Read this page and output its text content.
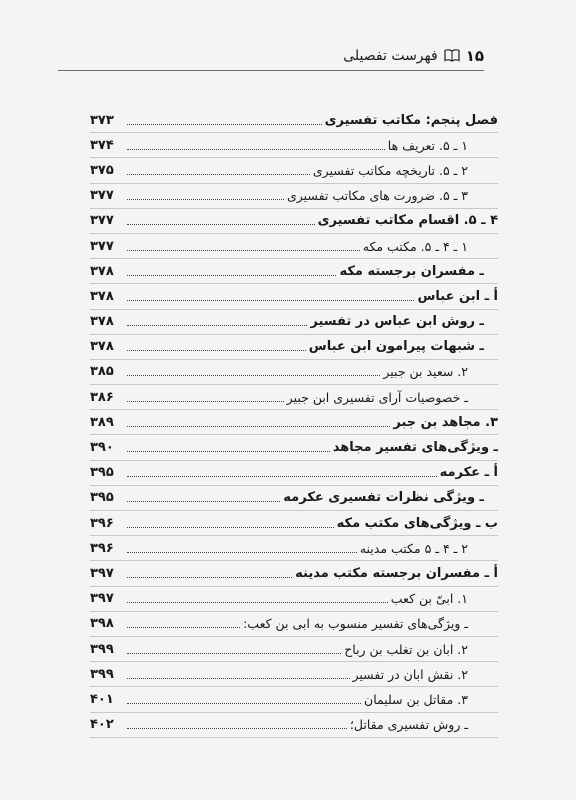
فهرست تفصیلی ۱۵
فصل پنجم: مکاتب تفسیری
۳۷۳
۱ ـ ۵. تعریف ها
۳۷۴
۲ ـ ۵. تاریخچه مکاتب تفسیری
۳۷۵
۳ ـ ۵. ضرورت های مکاتب تفسیری
۳۷۷
۴ ـ ۵. اقسام مکاتب تفسیری
۳۷۷
۱ ـ ۴ ـ ۵. مکتب مکه
۳۷۷
ـ مفسران برجسته مکه
۳۷۸
أ ـ ابن عباس
۳۷۸
ـ روش ابن عباس در تفسیر
۳۷۸
ـ شبهات پیرامون ابن عباس
۳۷۸
۲. سعید بن جبیر
۳۸۵
ـ خصوصیات آرای تفسیری ابن جبیر
۳۸۶
۳. مجاهد بن جبر
۳۸۹
ـ ویژگی‌های تفسیر مجاهد
۳۹۰
أ ـ عکرمه
۳۹۵
ـ ویژگی نظرات تفسیری عکرمه
۳۹۵
ب ـ ویژگی‌های مکتب مکه
۳۹۶
۲ ـ ۴ ـ ۵ مکتب مدینه
۳۹۶
أ ـ مفسران برجسته مکتب مدینه
۳۹۷
۱. ابیّ بن کعب
۳۹۷
ـ ویژگی‌های تفسیر منسوب به ابی بن کعب:
۳۹۸
۲. ابان بن تغلب بن رباح
۳۹۹
۲. نقش ابان در تفسیر
۳۹۹
۳. مقاتل بن سلیمان
۴۰۱
ـ روش تفسیری مقاتل؛
۴۰۲
